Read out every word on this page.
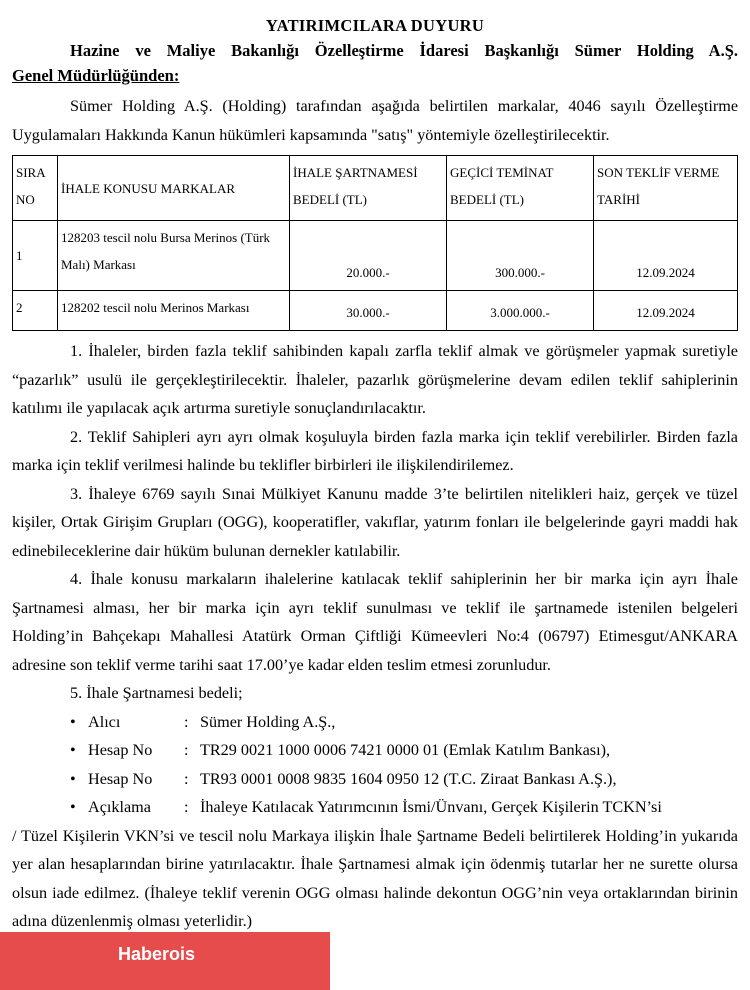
YATIRIMCILARA DUYURU
Hazine ve Maliye Bakanlığı Özelleştirme İdaresi Başkanlığı Sümer Holding A.Ş.
Genel Müdürlüğünden:

Sümer Holding A.Ş. (Holding) tarafından aşağıda belirtilen markalar, 4046 sayılı Özelleştirme Uygulamaları Hakkında Kanun hükümleri kapsamında "satış" yöntemiyle özelleştirilecektir.

SIRA NO	İHALE KONUSU MARKALAR	İHALE ŞARTNAMESİ BEDELİ (TL)	GEÇİCİ TEMİNAT BEDELİ (TL)	SON TEKLİF VERME TARİHİ
1	128203 tescil nolu Bursa Merinos (Türk Malı) Markası	20.000.-	300.000.-	12.09.2024
2	128202 tescil nolu Merinos Markası	30.000.-	3.000.000.-	12.09.2024

1. İhaleler, birden fazla teklif sahibinden kapalı zarfla teklif almak ve görüşmeler yapmak suretiyle “pazarlık” usulü ile gerçekleştirilecektir. İhaleler, pazarlık görüşmelerine devam edilen teklif sahiplerinin katılımı ile yapılacak açık artırma suretiyle sonuçlandırılacaktır.

2. Teklif Sahipleri ayrı ayrı olmak koşuluyla birden fazla marka için teklif verebilirler. Birden fazla marka için teklif verilmesi halinde bu teklifler birbirleri ile ilişkilendirilemez.

3. İhaleye 6769 sayılı Sınai Mülkiyet Kanunu madde 3’te belirtilen nitelikleri haiz, gerçek ve tüzel kişiler, Ortak Girişim Grupları (OGG), kooperatifler, vakıflar, yatırım fonları ile belgelerinde gayri maddi hak edinebileceklerine dair hüküm bulunan dernekler katılabilir.

4. İhale konusu markaların ihalelerine katılacak teklif sahiplerinin her bir marka için ayrı İhale Şartnamesi alması, her bir marka için ayrı teklif sunulması ve teklif ile şartnamede istenilen belgeleri Holding’in Bahçekapı Mahallesi Atatürk Orman Çiftliği Kümeevleri No:4 (06797) Etimesgut/ANKARA adresine son teklif verme tarihi saat 17.00’ye kadar elden teslim etmesi zorunludur.

5. İhale Şartnamesi bedeli;

• Alıcı	: Sümer Holding A.Ş.,
• Hesap No : TR29 0021 1000 0006 7421 0000 01 (Emlak Katılım Bankası),
• Hesap No : TR93 0001 0008 9835 1604 0950 12 (T.C. Ziraat Bankası A.Ş.),
• Açıklama : İhaleye Katılacak Yatırımcının İsmi/Ünvanı, Gerçek Kişilerin TCKN’si

/ Tüzel Kişilerin VKN’si ve tescil nolu Markaya ilişkin İhale Şartname Bedeli belirtilerek Holding’in yukarıda yer alan hesaplarından birine yatırılacaktır. İhale Şartnamesi almak için ödenmiş tutarlar her ne surette olursa olsun iade edilmez. (İhaleye teklif verenin OGG olması halinde dekontun OGG’nin veya ortaklarından birinin adına düzenlenmiş olması yeterlidir.)

Haberois
